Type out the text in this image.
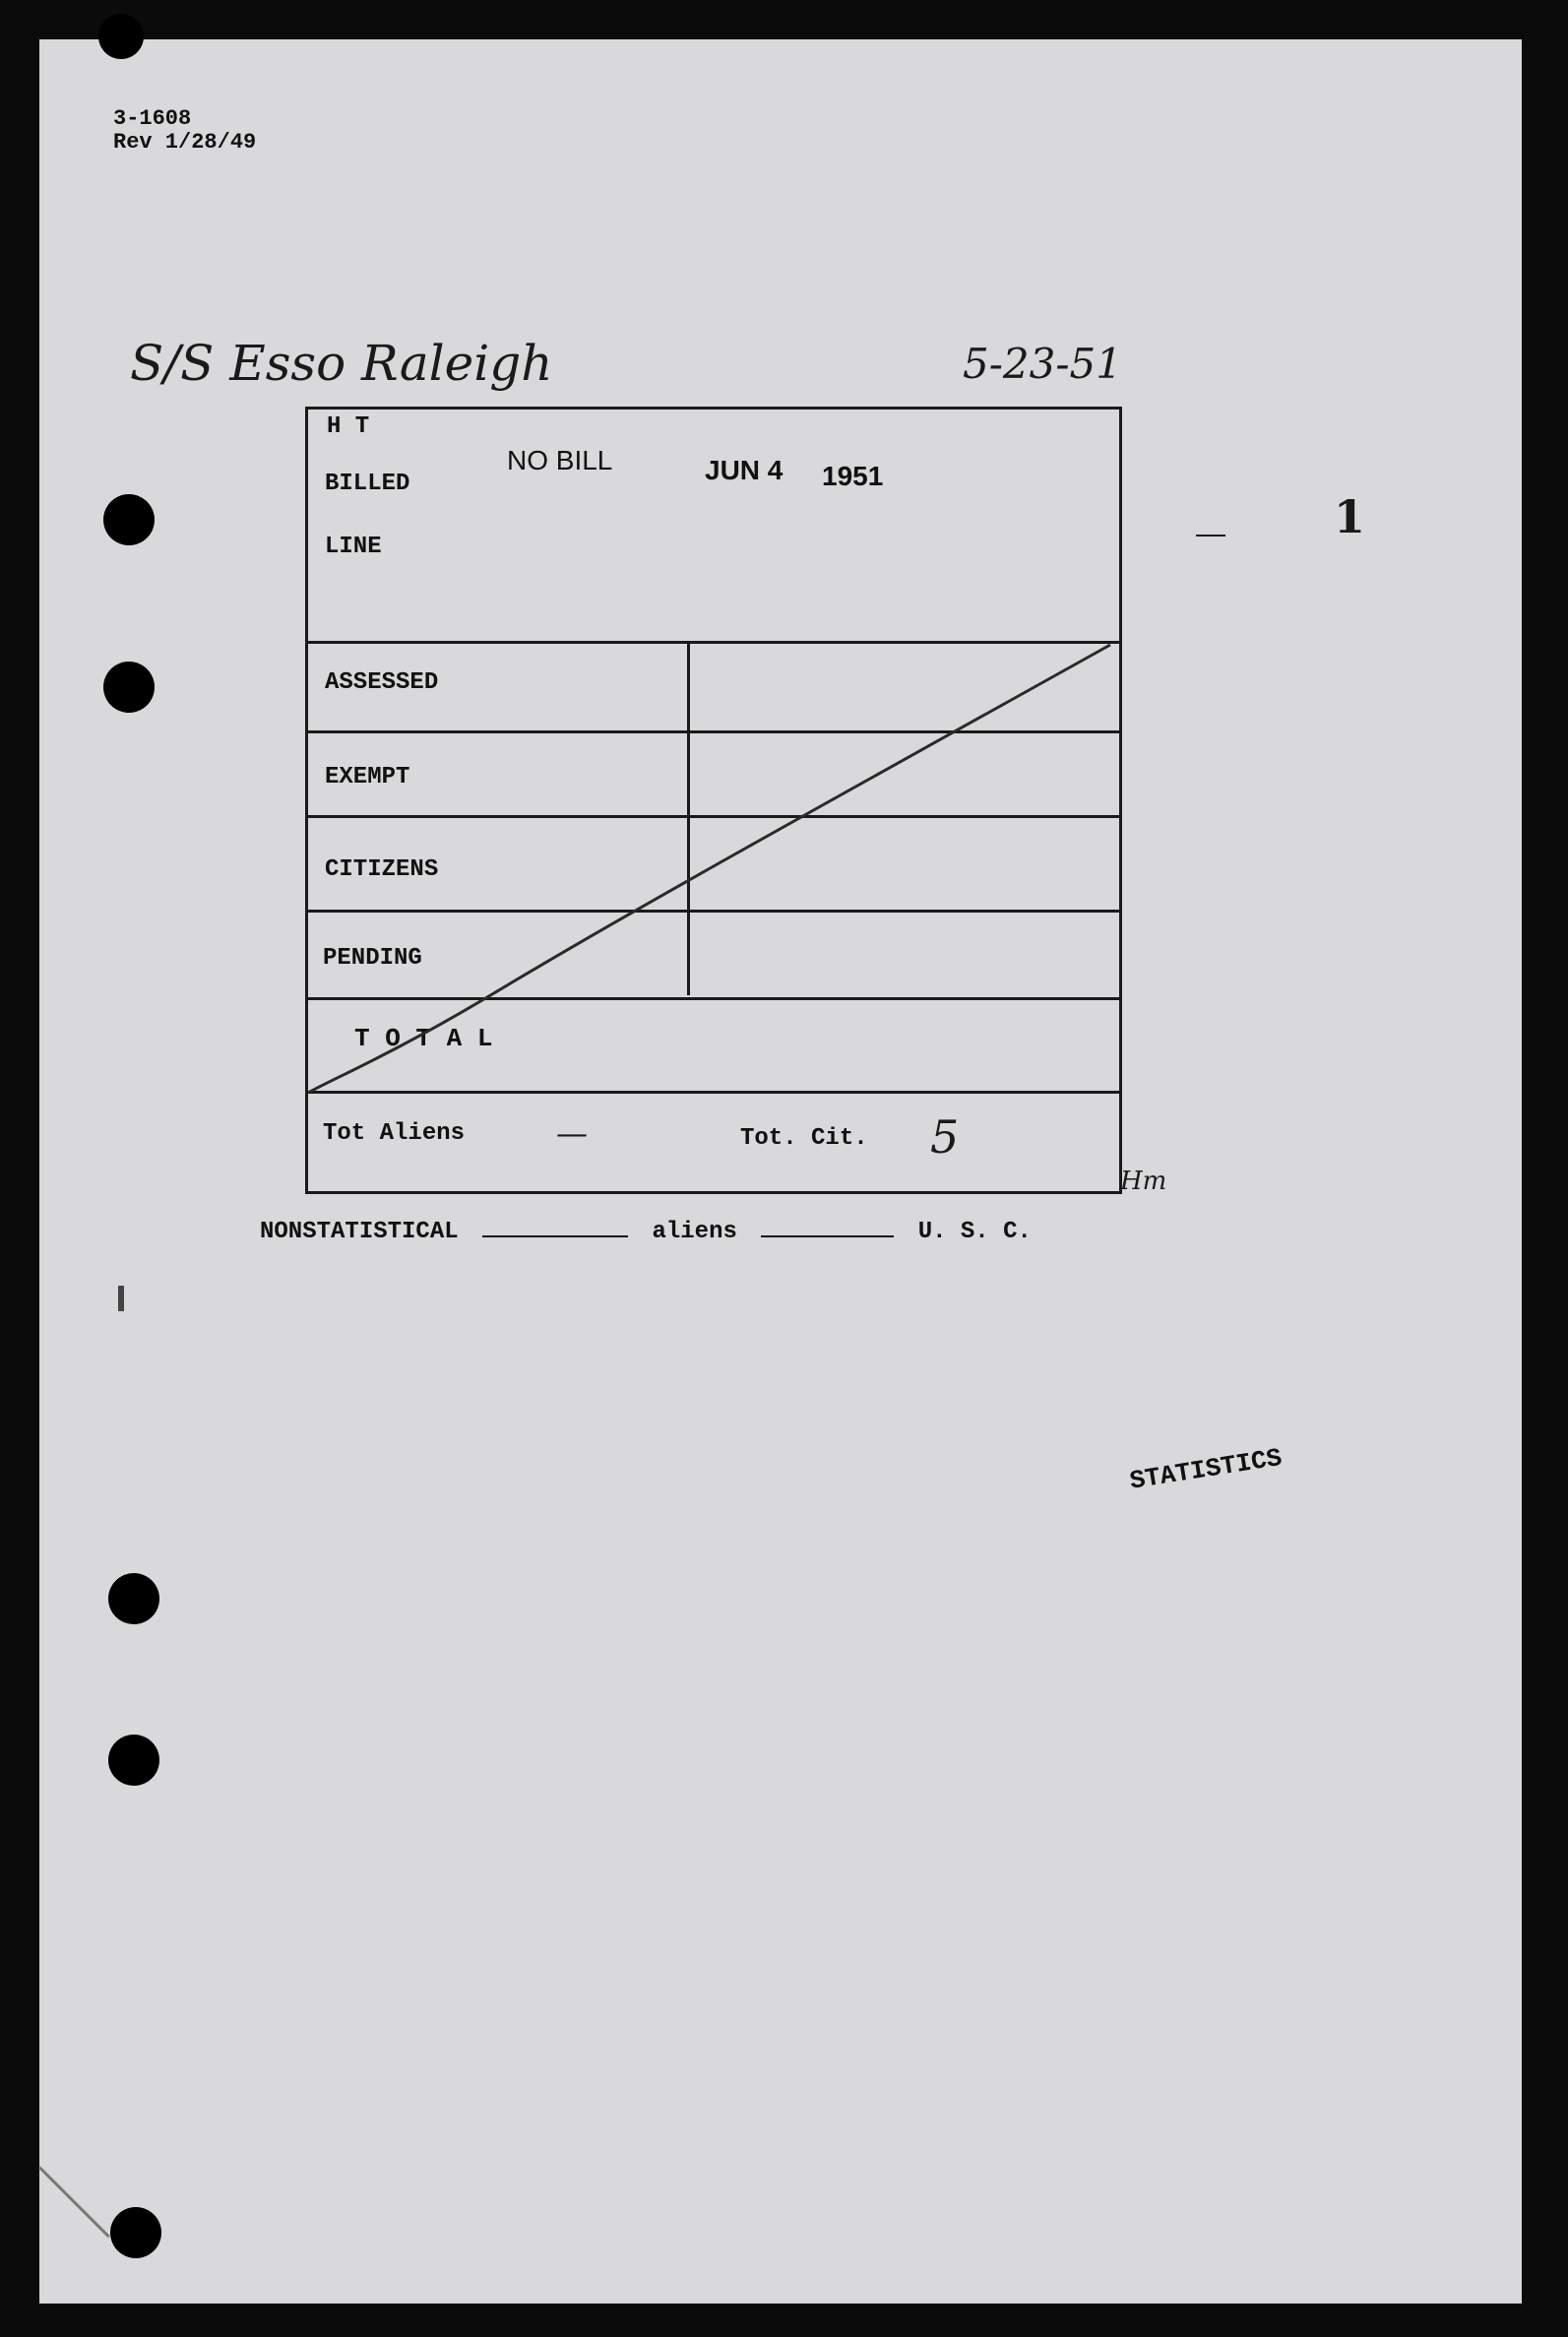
3-1608
Rev 1/28/49
S/S Esso Raleigh	5-23-51
H T
BILLED
LINE
NO BILL	JUN 4 1951
1
ASSESSED
EXEMPT
CITIZENS
PENDING
T O T A L
Tot Aliens	—	Tot. Cit. 5
Hm
NONSTATISTICAL	aliens	U. S. C.
STATISTICS
